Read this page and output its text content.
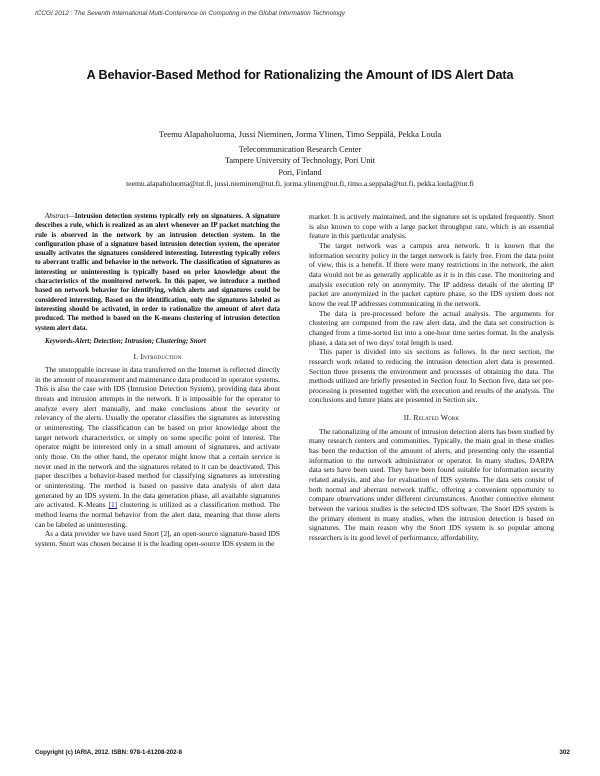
ICCGI 2012 : The Seventh International Multi-Conference on Computing in the Global Information Technology
A Behavior-Based Method for Rationalizing the Amount of IDS Alert Data
Teemu Alapaholuoma, Jussi Nieminen, Jorma Ylinen, Timo Seppälä, Pekka Loula
Telecommunication Research Center
Tampere University of Technology, Pori Unit
Pori, Finland
teemu.alapaholuoma@tut.fi, jussi.nieminen@tut.fi, jorma.ylinen@tut.fi, timo.a.seppala@tut.fi, pekka.loula@tut.fi

Abstract—Intrusion detection systems typically rely on signatures. A signature describes a rule, which is realized as an alert whenever an IP packet matching the rule is observed in the network by an intrusion detection system. In the configuration phase of a signature based intrusion detection system, the operator usually activates the signatures considered interesting. Interesting typically refers to aberrant traffic and behavior in the network. The classification of signatures as interesting or uninteresting is typically based on prior knowledge about the characteristics of the monitored network. In this paper, we introduce a method based on network behavior for identifying, which alerts and signatures could be considered interesting. Based on the identification, only the signatures labeled as interesting should be activated, in order to rationalize the amount of alert data produced. The method is based on the K-means clustering of intrusion detection system alert data.

Keywords-Alert; Detection; Intrusion; Clustering; Snort

I. Introduction

The unstoppable increase in data transferred on the Internet is reflected directly in the amount of measurement and maintenance data produced in operator systems. This is also the case with IDS (Intrusion Detection System), providing data about threats and intrusion attempts in the network. It is impossible for the operator to analyze every alert manually, and make conclusions about the severity or relevancy of the alerts. Usually the operator classifies the signatures as interesting or uninteresting. The classification can be based on prior knowledge about the target network characteristics, or simply on some specific point of interest. The operator might be interested only in a small amount of signatures, and activate only those. On the other hand, the operator might know that a certain service is never used in the network and the signatures related to it can be deactivated. This paper describes a behavior-based method for classifying signatures as interesting or uninteresting. The method is based on passive data analysis of alert data generated by an IDS system. In the data generation phase, all available signatures are activated. K-Means [1] clustering is utilized as a classification method. The method learns the normal behavior from the alert data, meaning that those alerts can be labeled as uninteresting.

As a data provider we have used Snort [2], an open-source signature-based IDS system. Snort was chosen because it is the leading open-source IDS system in the

market. It is actively maintained, and the signature set is updated frequently. Snort is also known to cope with a large packet throughput rate, which is an essential feature in this particular analysis.

The target network was a campus area network. It is known that the information security policy in the target network is fairly free. From the data point of view, this is a benefit. If there were many restrictions in the network, the alert data would not be as generally applicable as it is in this case. The monitoring and analysis execution rely on anonymity. The IP address details of the alerting IP packet are anonymized in the packet capture phase, so the IDS system does not know the real IP addresses communicating in the network.

The data is pre-processed before the actual analysis. The arguments for clustering are computed from the raw alert data, and the data set construction is changed from a time-sorted list into a one-hour time series format. In the analysis phase, a data set of two days' total length is used.

This paper is divided into six sections as follows. In the next section, the research work related to reducing the intrusion detection alert data is presented. Section three presents the environment and processes of obtaining the data. The methods utilized are briefly presented in Section four. In Section five, data set pre-processing is presented together with the execution and results of the analysis. The conclusions and future plans are presented in Section six.

II. Related Work

The rationalizing of the amount of intrusion detection alerts has been studied by many research centers and communities. Typically, the main goal in these studies has been the reduction of the amount of alerts, and presenting only the essential information to the network administrator or operator. In many studies, DARPA data sets have been used. They have been found suitable for information security related analysis, and also for evaluation of IDS systems. The data sets consist of both normal and aberrant network traffic, offering a convenient opportunity to compare observations under different circumstances. Another connective element between the various studies is the selected IDS software. The Snort IDS system is the primary element in many studies, when the intrusion detection is based on signatures. The main reason why the Snort IDS system is so popular among researchers is its good level of performance, affordability,

Copyright (c) IARIA, 2012. ISBN: 978-1-61208-202-8	302
